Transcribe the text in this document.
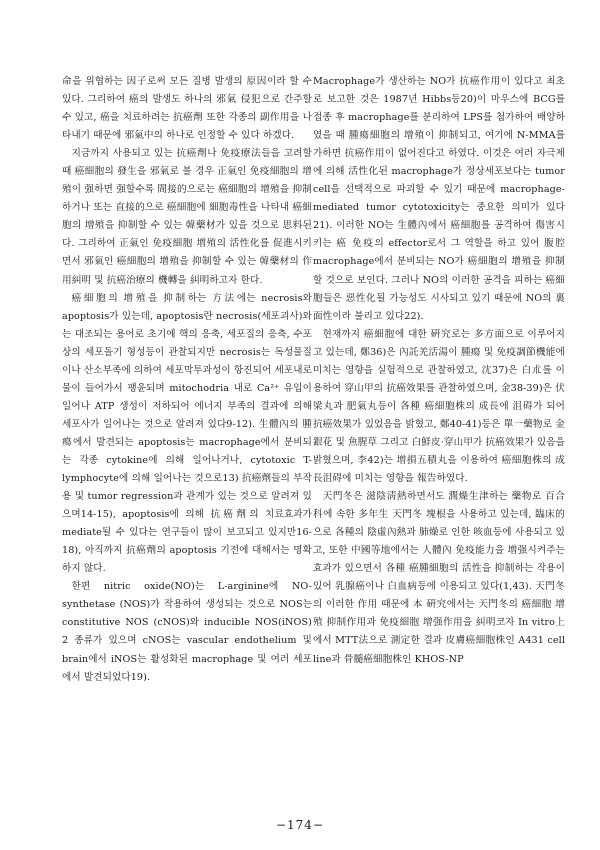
命을 위협하는 因子로써 모든 질병 발생의 原因이라 할 수 있다. 그리하여 癌의 발생도 하나의 邪氣 侵犯으로 간주할 수 있고, 癌을 치료하려는 抗癌劑 또한 각종의 副作用을 나타내기 때문에 邪氣中의 하나로 인정할 수 있다 하겠다.

지금까지 사용되고 있는 抗癌劑나 免疫療法들을 고려할 때 癌細胞의 發生을 邪氣로 볼 경우 正氣인 免疫細胞의 增殖이 强하면 强할수록 間接的으로는 癌細胞의 增殖을 抑制하거나 또는 直接的으로 癌細胞에 細胞毒性을 나타내 癌細胞의 增殖을 抑制할 수 있는 韓藥材가 있을 것으로 思料된다. 그리하여 正氣인 免疫細胞 增殖의 活性化를 促進시키면서 邪氣인 癌細胞의 增殖을 抑制할 수 있는 韓藥材의 作用糾明 및 抗癌治療의 機轉을 糾明하고자 한다.

癌細胞의 增殖을 抑制하는 方法에는 necrosis와 apoptosis가 있는데, apoptosis란 necrosis(세포괴사)와는 대조되는 용어로 초기에 핵의 응축, 세포질의 응축, 수포상의 세포돌기 형성등이 관찰되지만 necrosis는 독성물질이나 산소부족에 의하여 세포막투과성이 항진되어 세포내로 물이 들어가서 팽윤되며 mitochodria 내로 Ca²⁺ 유입이 일어나 ATP 생성이 저하되어 에너지 부족의 결과에 의해 세포사가 일어나는 것으로 알려져 있다9-12). 生體內의 腫瘍에서 발견되는 apoptosis는 macrophage에서 분비되는 각종 cytokine에 의해 일어나거나, cytotoxic T-lymphocyte에 의해 일어나는 것으로13) 抗癌劑들의 부작용 및 tumor regression과 관계가 있는 것으로 알려져 있으며14-15), apoptosis에 의해 抗癌劑의 치료효과가 mediate될 수 있다는 연구들이 많이 보고되고 있지만16-18), 아직까지 抗癌劑의 apoptosis 기전에 대해서는 명확하지 않다.

한편 nitric oxide(NO)는 L-arginine에 NO-synthetase (NOS)가 작용하여 생성되는 것으로 NOS는 constitutive NOS (cNOS)와 inducible NOS(iNOS) 2 종류가 있으며 cNOS는 vascular endothelium 및 brain에서 iNOS는 활성화된 macrophage 및 여러 세포에서 발견되었다19).

Macrophage가 생산하는 NO가 抗癌作用이 있다고 최초로 보고한 것은 1987년 Hibbs등20)이 마우스에 BCG를 접종 후 macrophage를 분리하여 LPS를 첨가하여 배양하였을 때 腫瘍細胞의 增殖이 抑制되고, 여기에 N-MMA를 가하면 抗癌作用이 없어진다고 하였다. 이것은 여러 자극제에 의해 活性化된 macrophage가 정상세포보다는 tumor cell을 선택적으로 파괴할 수 있기 때문에 macrophage-mediated tumor cytotoxicity는 중요한 의미가 있다21). 이러한 NO는 生體內에서 癌細胞를 공격하여 傷害시키는 癌 免疫의 effector로서 그 역할을 하고 있어 腹腔 macrophage에서 분비되는 NO가 癌細胞의 增殖을 抑制할 것으로 보인다. 그러나 NO의 이러한 공격을 피하는 癌細胞들은 惡性化될 가능성도 시사되고 있기 때문에 NO의 裏面性이라 불리고 있다22).

현재까지 癌細胞에 대한 硏究로는 多方面으로 이루어지고 있는데, 鄭36)은 內託羌活湯이 腫瘍 및 免疫調節機能에 미치는 영향을 실험적으로 관찰하였고, 沈37)은 白朮를 이용하여 穿山甲의 抗癌效果를 관찰하였으며, 金38-39)은 伏梁丸과 肥氣丸등이 各種 癌細胞株의 成長에 沮碍가 되어 抗癌效果가 있었음을 밝혔고, 鄭40-41)등은 單一藥物로 金銀花 및 魚腥草 그리고 白鮮皮·穿山甲가 抗癌效果가 있음을 밝혔으며, 李42)는 增損五積丸을 이용하여 癌細胞株의 成長沮碍에 미치는 영향을 報告하였다.

天門冬은 滋陰淸熱하면서도 潤燥生津하는 藥物로 百合科에 속한 多年生 天門冬 塊根을 사용하고 있는데, 臨床的으로 各種의 陰虛內熱과 肺燥로 인한 咳血등에 사용되고 있고, 또한 中國等地에서는 人體內 免疫能力을 增强시켜주는 효과가 있으면서 各種 癌腫細胞의 活性을 抑制하는 작용이 있어 乳腺癌이나 白血病등에 이용되고 있다(1,43). 天門冬의 이러한 作用 때문에 本 硏究에서는 天門冬의 癌細胞 增殖 抑制作用과 免疫細胞 增强作用을 糾明코자 In vitro上에서 MTT法으로 測定한 결과 皮膚癌細胞株인 A431 cell line과 骨髓癌細胞株인 KHOS-NP

−174−
